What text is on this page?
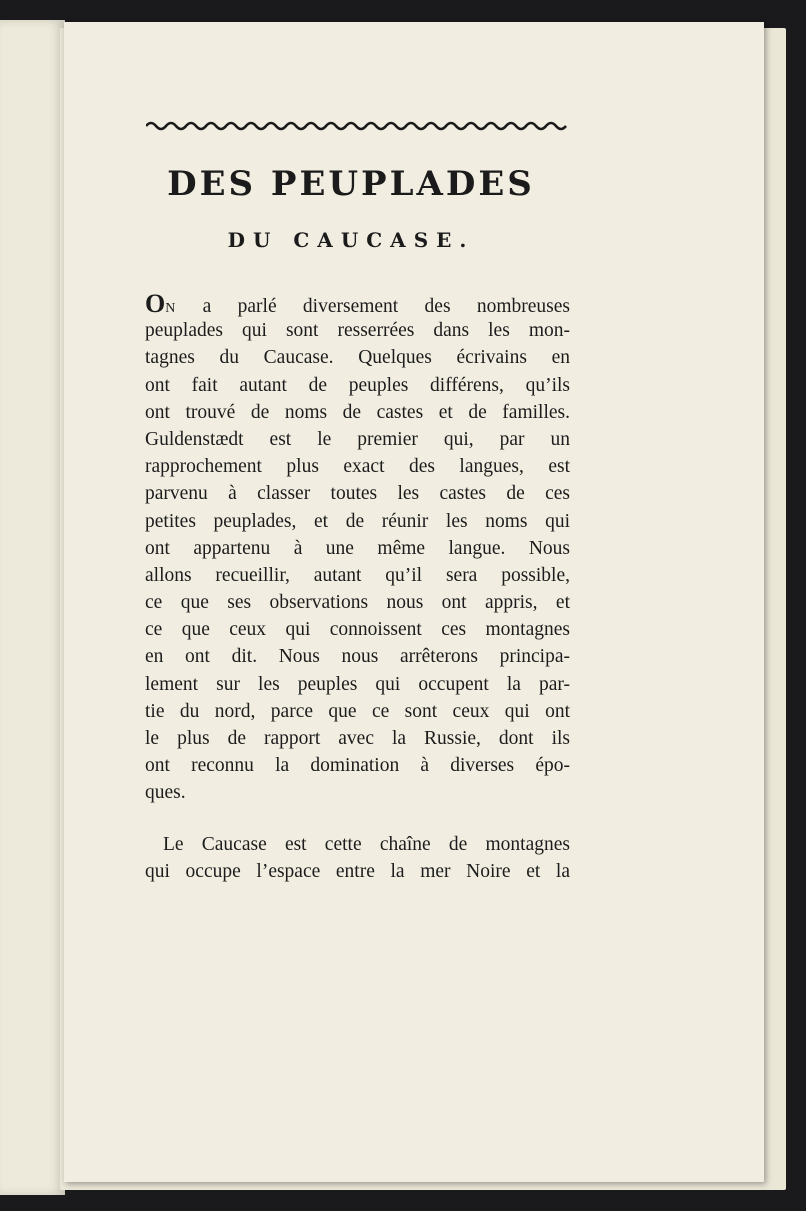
DES PEUPLADES
DU CAUCASE.
ON a parlé diversement des nombreuses
peuplades qui sont resserrées dans les mon-
tagnes du Caucase. Quelques écrivains en
ont fait autant de peuples différens, qu’ils
ont trouvé de noms de castes et de familles.
Guldenstædt est le premier qui, par un
rapprochement plus exact des langues, est
parvenu à classer toutes les castes de ces
petites peuplades, et de réunir les noms qui
ont appartenu à une même langue. Nous
allons recueillir, autant qu’il sera possible,
ce que ses observations nous ont appris, et
ce que ceux qui connoissent ces montagnes
en ont dit. Nous nous arrêterons principa-
lement sur les peuples qui occupent la par-
tie du nord, parce que ce sont ceux qui ont
le plus de rapport avec la Russie, dont ils
ont reconnu la domination à diverses épo-
ques.
Le Caucase est cette chaîne de montagnes
qui occupe l’espace entre la mer Noire et la
